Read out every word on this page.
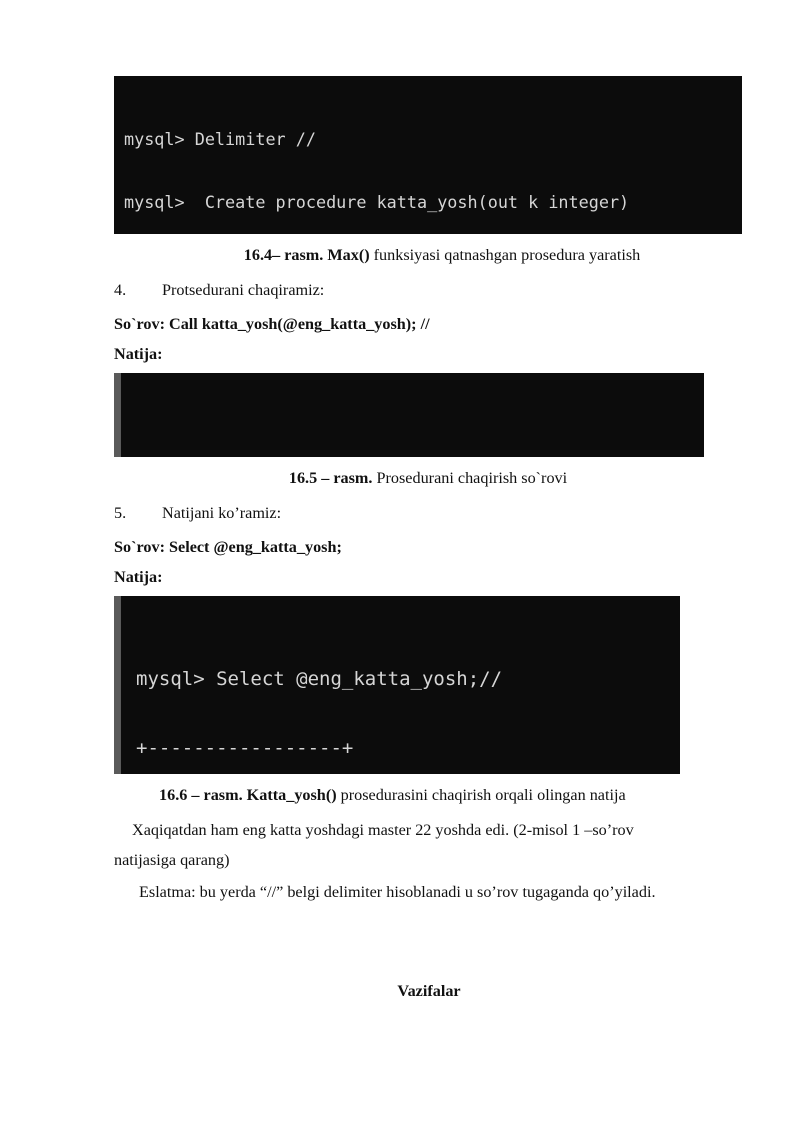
mysql> Delimiter //

mysql>  Create procedure katta_yosh(out k integer)

16.4– rasm. Max() funksiyasi qatnashgan prosedura yaratish
4. Protsedurani chaqiramiz:
So`rov: Call katta_yosh(@eng_katta_yosh); //
Natija:

16.5 – rasm. Prosedurani chaqirish so`rovi
5. Natijani ko’ramiz:
So`rov: Select @eng_katta_yosh;
Natija:

mysql> Select @eng_katta_yosh;//

+-----------------+

16.6 – rasm. Katta_yosh() prosedurasini chaqirish orqali olingan natija
Xaqiqatdan ham eng katta yoshdagi master 22 yoshda edi. (2-misol 1 –so’rov
natijasiga qarang)
Eslatma: bu yerda “//” belgi delimiter hisoblanadi u so’rov tugaganda qo’yiladi.
Vazifalar
